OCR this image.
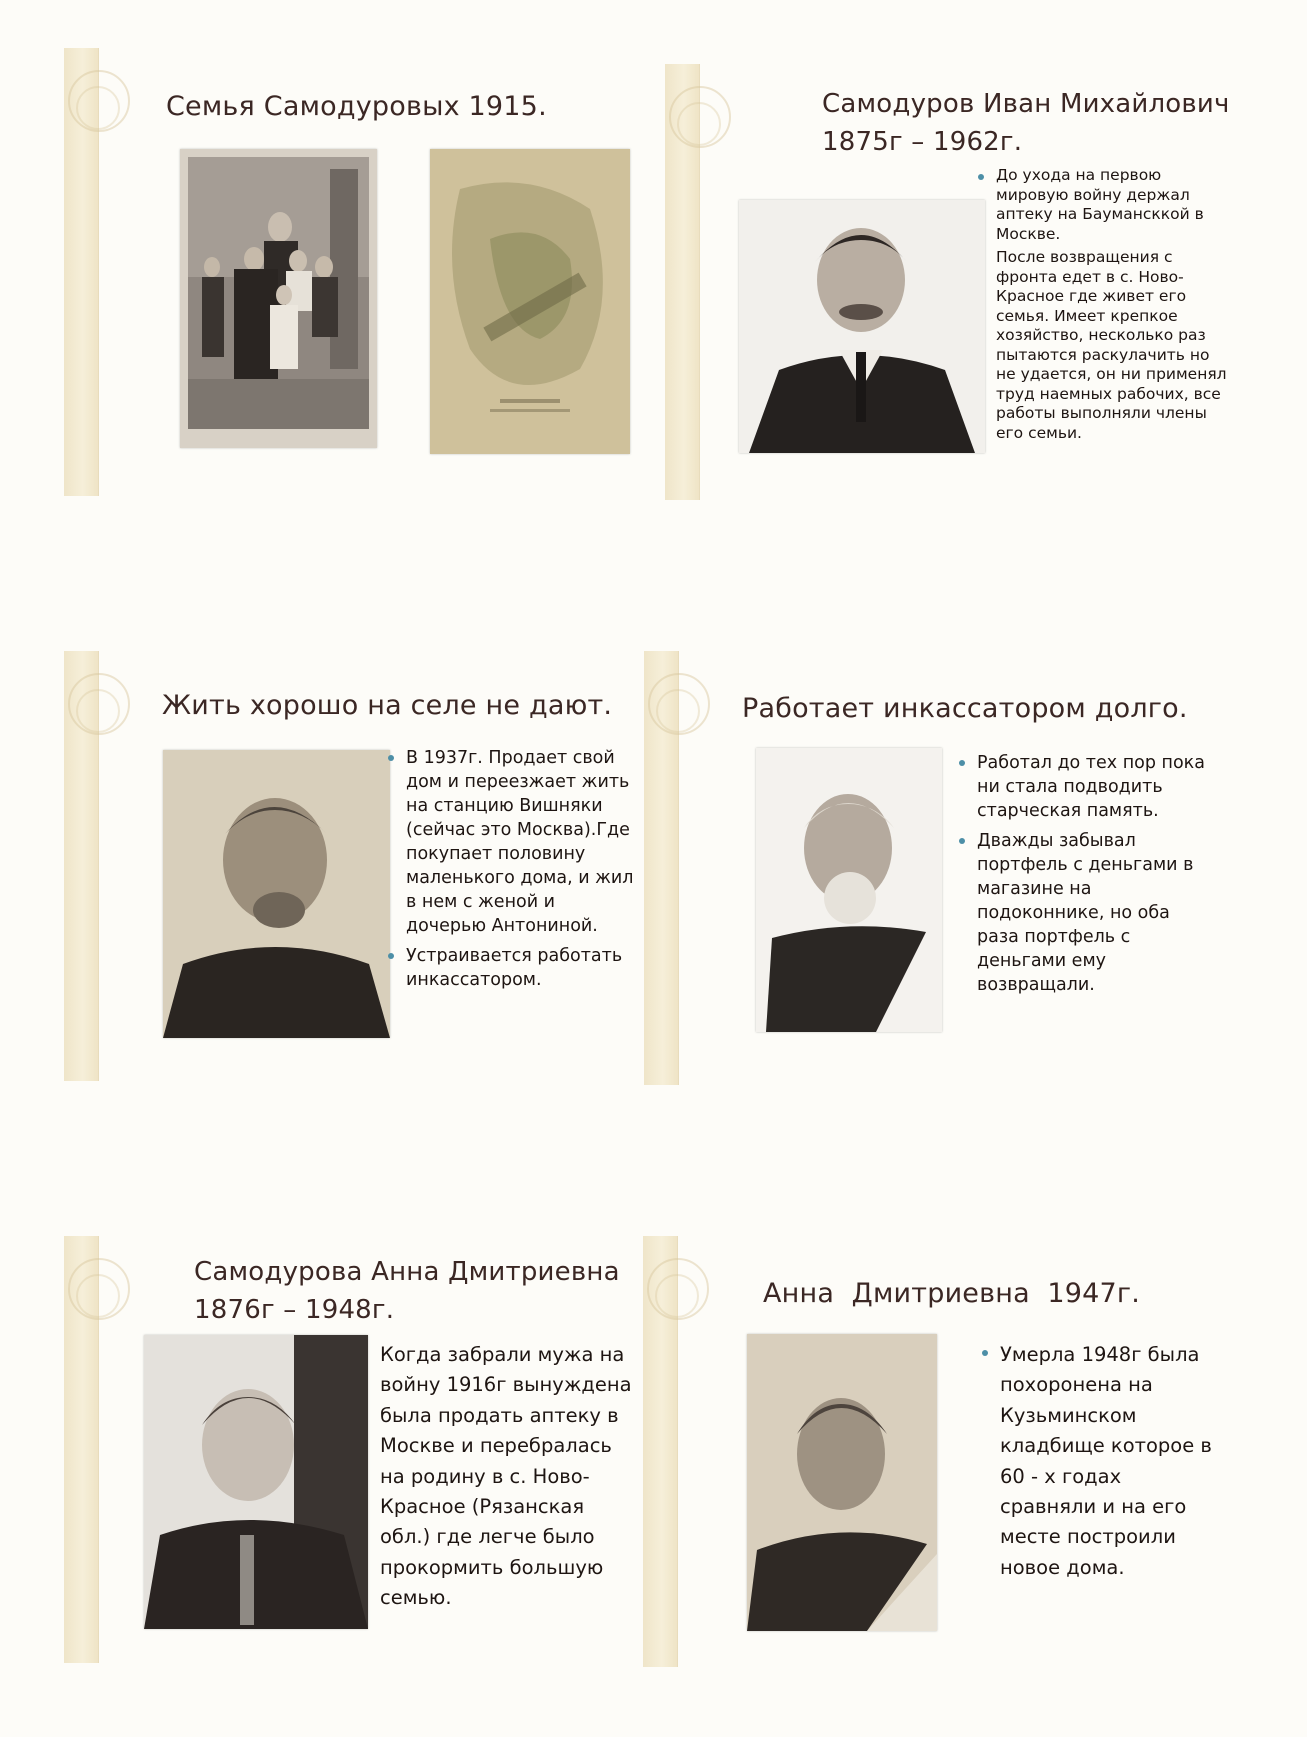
Семья Самодуровых 1915.	Самодуров Иван Михайлович
1875г – 1962г.
До ухода на первою мировую войну держал аптеку на Баумансккой в Москве.
После возвращения с фронта едет в с. Ново-Красное где живет его семья. Имеет крепкое хозяйство, несколько раз пытаются раскулачить но не удается, он ни применял труд наемных рабочих, все работы выполняли члены его семьи.
Жить хорошо на селе не дают.
В 1937г. Продает свой дом и переезжает жить на станцию Вишняки (сейчас это Москва).Где покупает половину маленького дома, и жил в нем с женой и дочерью Антониной.
Устраивается работать инкассатором.
Работает инкассатором долго.
Работал до тех пор пока ни стала подводить старческая память.
Дважды забывал портфель с деньгами в магазине на подоконнике, но оба раза портфель с деньгами ему возвращали.
Самодурова Анна Дмитриевна
1876г – 1948г.
Когда забрали мужа на войну 1916г вынуждена была продать аптеку в Москве и перебралась на родину в с. Ново-Красное (Рязанская обл.) где легче было прокормить большую семью.
Анна  Дмитриевна  1947г.
Умерла 1948г была похоронена на Кузьминском кладбище которое в 60 - х годах сравняли и на его месте построили новое дома.
